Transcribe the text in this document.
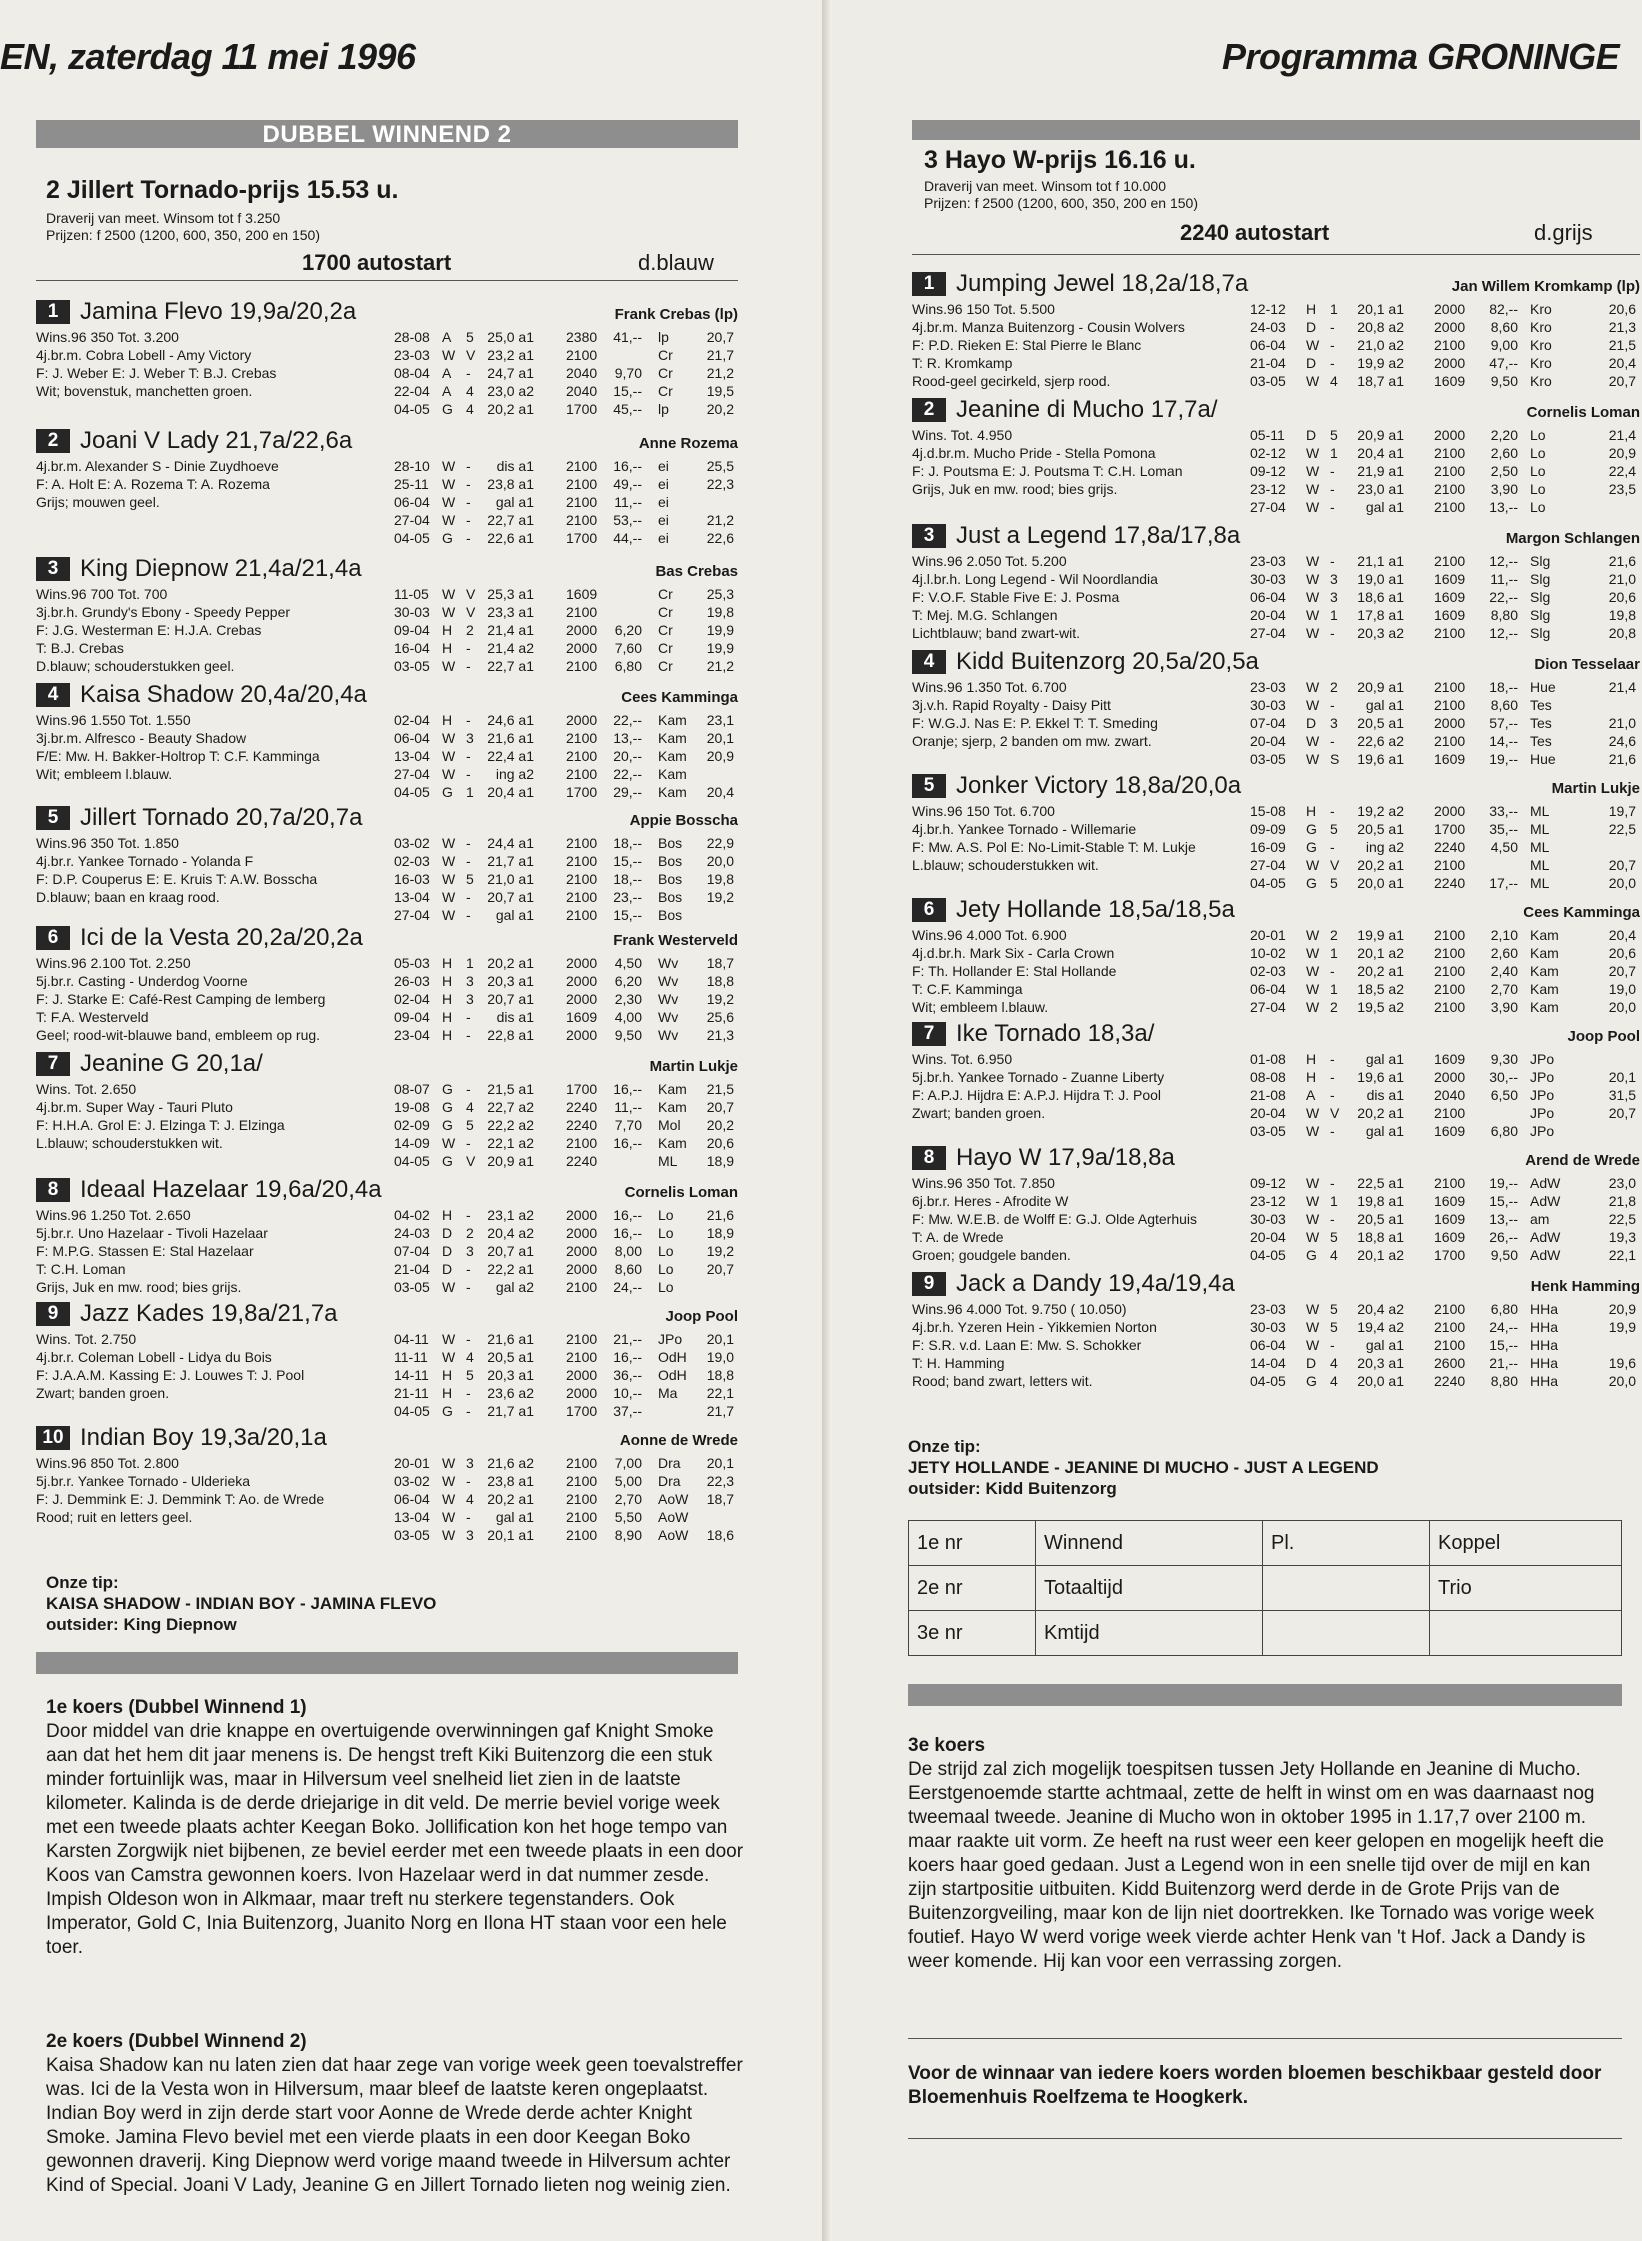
EN, zaterdag 11 mei 1996
DUBBEL WINNEND 2
2 Jillert Tornado-prijs 15.53 u.
Draverij van meet. Winsom tot f 3.250
Prijzen: f 2500 (1200, 600, 350, 200 en 150)
1700 autostart	d.blauw
1 Jamina Flevo 19,9a/20,2a	Frank Crebas (lp)
Wins.96 350 Tot. 3.200
4j.br.m. Cobra Lobell - Amy Victory
F: J. Weber E: J. Weber T: B.J. Crebas
Wit; bovenstuk, manchetten groen.
28-08 A 5 25,0 a1 2380 41,-- lp	20,7
23-03 W V 23,2 a1 2100	Cr 21,7
08-04 A - 24,7 a1 2040 9,70 Cr 21,2
22-04 A 4 23,0 a2 2040 15,-- Cr 19,5
04-05 G 4 20,2 a1 1700 45,-- lp	20,2
2 Joani V Lady 21,7a/22,6a	Anne Rozema
4j.br.m. Alexander S - Dinie Zuydhoeve
F: A. Holt E: A. Rozema T: A. Rozema
Grijs; mouwen geel.
28-10 W - dis a1 2100 16,-- ei	25,5
25-11 W - 23,8 a1 2100 49,-- ei	22,3
06-04 W - gal a1 2100 11,-- ei
27-04 W - 22,7 a1 2100 53,-- ei	21,2
04-05 G - 22,6 a1 1700 44,-- ei	22,6
3 King Diepnow 21,4a/21,4a	Bas Crebas
Wins.96 700 Tot. 700
3j.br.h. Grundy's Ebony - Speedy Pepper
F: J.G. Westerman E: H.J.A. Crebas
T: B.J. Crebas
D.blauw; schouderstukken geel.
11-05 W V 25,3 a1 1609	Cr 25,3
30-03 W V 23,3 a1 2100	Cr 19,8
09-04 H 2 21,4 a1 2000 6,20 Cr 19,9
16-04 H - 21,4 a2 2000 7,60 Cr 19,9
03-05 W - 22,7 a1 2100 6,80 Cr 21,2
4 Kaisa Shadow 20,4a/20,4a	Cees Kamminga
Wins.96 1.550 Tot. 1.550
3j.br.m. Alfresco - Beauty Shadow
F/E: Mw. H. Bakker-Holtrop T: C.F. Kamminga
Wit; embleem l.blauw.
02-04 H - 24,6 a1 2000 22,-- Kam 23,1
06-04 W 3 21,6 a1 2100 13,-- Kam 20,1
13-04 W - 22,4 a1 2100 20,-- Kam 20,9
27-04 W - ing a2 2100 22,-- Kam
04-05 G 1 20,4 a1 1700 29,-- Kam 20,4
5 Jillert Tornado 20,7a/20,7a	Appie Bosscha
Wins.96 350 Tot. 1.850
4j.br.r. Yankee Tornado - Yolanda F
F: D.P. Couperus E: E. Kruis T: A.W. Bosscha
D.blauw; baan en kraag rood.
03-02 W - 24,4 a1 2100 18,-- Bos 22,9
02-03 W - 21,7 a1 2100 15,-- Bos 20,0
16-03 W 5 21,0 a1 2100 18,-- Bos 19,8
13-04 W - 20,7 a1 2100 23,-- Bos 19,2
27-04 W - gal a1 2100 15,-- Bos
6 Ici de la Vesta 20,2a/20,2a	Frank Westerveld
Wins.96 2.100 Tot. 2.250
5j.br.r. Casting - Underdog Voorne
F: J. Starke E: Café-Rest Camping de lemberg
T: F.A. Westerveld
Geel; rood-wit-blauwe band, embleem op rug.
05-03 H 1 20,2 a1 2000 4,50 Wv 18,7
26-03 H 3 20,3 a1 2000 6,20 Wv 18,8
02-04 H 3 20,7 a1 2000 2,30 Wv 19,2
09-04 H - dis a1 1609 4,00 Wv 25,6
23-04 H - 22,8 a1 2000 9,50 Wv 21,3
7 Jeanine G 20,1a/	Martin Lukje
Wins. Tot. 2.650
4j.br.m. Super Way - Tauri Pluto
F: H.H.A. Grol E: J. Elzinga T: J. Elzinga
L.blauw; schouderstukken wit.
08-07 G - 21,5 a1 1700 16,-- Kam 21,5
19-08 G 4 22,7 a2 2240 11,-- Kam 20,7
02-09 G 5 22,2 a2 2240 7,70 Mol 20,2
14-09 W - 22,1 a2 2100 16,-- Kam 20,6
04-05 G V 20,9 a1 2240	ML 18,9
8 Ideaal Hazelaar 19,6a/20,4a	Cornelis Loman
Wins.96 1.250 Tot. 2.650
5j.br.r. Uno Hazelaar - Tivoli Hazelaar
F: M.P.G. Stassen E: Stal Hazelaar
T: C.H. Loman
Grijs, Juk en mw. rood; bies grijs.
04-02 H - 23,1 a2 2000 16,-- Lo 21,6
24-03 D 2 20,4 a2 2000 16,-- Lo 18,9
07-04 D 3 20,7 a1 2000 8,00 Lo 19,2
21-04 D - 22,2 a1 2000 8,60 Lo 20,7
03-05 W - gal a2 2100 24,-- Lo
9 Jazz Kades 19,8a/21,7a	Joop Pool
Wins. Tot. 2.750
4j.br.r. Coleman Lobell - Lidya du Bois
F: J.A.A.M. Kassing E: J. Louwes T: J. Pool
Zwart; banden groen.
04-11 W - 21,6 a1 2100 21,-- JPo 20,1
11-11 W 4 20,5 a1 2100 16,-- OdH 19,0
14-11 H 5 20,3 a1 2000 36,-- OdH 18,8
21-11 H - 23,6 a2 2000 10,-- Ma 22,1
04-05 G - 21,7 a1 1700 37,--	21,7
10 Indian Boy 19,3a/20,1a	Aonne de Wrede
Wins.96 850 Tot. 2.800
5j.br.r. Yankee Tornado - Ulderieka
F: J. Demmink E: J. Demmink T: Ao. de Wrede
Rood; ruit en letters geel.
20-01 W 3 21,6 a2 2100 7,00 Dra 20,1
03-02 W - 23,8 a1 2100 5,00 Dra 22,3
06-04 W 4 20,2 a1 2100 2,70 AoW 18,7
13-04 W - gal a1 2100 5,50 AoW
03-05 W 3 20,1 a1 2100 8,90 AoW 18,6
Onze tip:
KAISA SHADOW - INDIAN BOY - JAMINA FLEVO
outsider: King Diepnow
1e koers (Dubbel Winnend 1)
Door middel van drie knappe en overtuigende overwinningen gaf Knight Smoke aan dat het hem dit jaar menens is. De hengst treft Kiki Buitenzorg die een stuk minder fortuinlijk was, maar in Hilversum veel snelheid liet zien in de laatste kilometer. Kalinda is de derde driejarige in dit veld. De merrie beviel vorige week met een tweede plaats achter Keegan Boko. Jollification kon het hoge tempo van Karsten Zorgwijk niet bijbenen, ze beviel eerder met een tweede plaats in een door Koos van Camstra gewonnen koers. Ivon Hazelaar werd in dat nummer zesde. Impish Oldeson won in Alkmaar, maar treft nu sterkere tegenstanders. Ook Imperator, Gold C, Inia Buitenzorg, Juanito Norg en Ilona HT staan voor een hele toer.
2e koers (Dubbel Winnend 2)
Kaisa Shadow kan nu laten zien dat haar zege van vorige week geen toevalstreffer was. Ici de la Vesta won in Hilversum, maar bleef de laatste keren ongeplaatst. Indian Boy werd in zijn derde start voor Aonne de Wrede derde achter Knight Smoke. Jamina Flevo beviel met een vierde plaats in een door Keegan Boko gewonnen draverij. King Diepnow werd vorige maand tweede in Hilversum achter Kind of Special. Joani V Lady, Jeanine G en Jillert Tornado lieten nog weinig zien.
Programma GRONINGE
3 Hayo W-prijs 16.16 u.
Draverij van meet. Winsom tot f 10.000
Prijzen: f 2500 (1200, 600, 350, 200 en 150)
2240 autostart	d.grijs
1 Jumping Jewel 18,2a/18,7a	Jan Willem Kromkamp (lp)
Wins.96 150 Tot. 5.500
4j.br.m. Manza Buitenzorg - Cousin Wolvers
F: P.D. Rieken E: Stal Pierre le Blanc
T: R. Kromkamp
Rood-geel gecirkeld, sjerp rood.
12-12 H 1 20,1 a1 2000 82,-- Kro	20,6
24-03 D - 20,8 a2 2000 8,60 Kro	21,3
06-04 W - 21,0 a2 2100 9,00 Kro	21,5
21-04 D - 19,9 a2 2000 47,-- Kro	20,4
03-05 W 4 18,7 a1 1609 9,50 Kro	20,7
2 Jeanine di Mucho 17,7a/	Cornelis Loman
Wins. Tot. 4.950
4j.d.br.m. Mucho Pride - Stella Pomona
F: J. Poutsma E: J. Poutsma T: C.H. Loman
Grijs, Juk en mw. rood; bies grijs.
05-11 D 5 20,9 a1 2000 2,20 Lo	21,4
02-12 W 1 20,4 a1 2100 2,60 Lo	20,9
09-12 W - 21,9 a1 2100 2,50 Lo	22,4
23-12 W - 23,0 a1 2100 3,90 Lo	23,5
27-04 W - gal a1 2100 13,-- Lo
3 Just a Legend 17,8a/17,8a	Margon Schlangen
Wins.96 2.050 Tot. 5.200
4j.l.br.h. Long Legend - Wil Noordlandia
F: V.O.F. Stable Five E: J. Posma
T: Mej. M.G. Schlangen
Lichtblauw; band zwart-wit.
23-03 W - 21,1 a1 2100 12,-- Slg	21,6
30-03 W 3 19,0 a1 1609 11,-- Slg	21,0
06-04 W 3 18,6 a1 1609 22,-- Slg	20,6
20-04 W 1 17,8 a1 1609 8,80 Slg	19,8
27-04 W - 20,3 a2 2100 12,-- Slg	20,8
4 Kidd Buitenzorg 20,5a/20,5a	Dion Tesselaar
Wins.96 1.350 Tot. 6.700
3j.v.h. Rapid Royalty - Daisy Pitt
F: W.G.J. Nas E: P. Ekkel T: T. Smeding
Oranje; sjerp, 2 banden om mw. zwart.
23-03 W 2 20,9 a1 2100 18,-- Hue	21,4
30-03 W - gal a1 2100 8,60 Tes
07-04 D 3 20,5 a1 2000 57,-- Tes	21,0
20-04 W - 22,6 a2 2100 14,-- Tes	24,6
03-05 W S 19,6 a1 1609 19,-- Hue	21,6
5 Jonker Victory 18,8a/20,0a	Martin Lukje
Wins.96 150 Tot. 6.700
4j.br.h. Yankee Tornado - Willemarie
F: Mw. A.S. Pol E: No-Limit-Stable T: M. Lukje
L.blauw; schouderstukken wit.
15-08 H - 19,2 a2 2000 33,-- ML	19,7
09-09 G 5 20,5 a1 1700 35,-- ML	22,5
16-09 G - ing a2 2240 4,50 ML
27-04 W V 20,2 a1 2100	ML	20,7
04-05 G 5 20,0 a1 2240 17,-- ML	20,0
6 Jety Hollande 18,5a/18,5a	Cees Kamminga
Wins.96 4.000 Tot. 6.900
4j.d.br.h. Mark Six - Carla Crown
F: Th. Hollander E: Stal Hollande
T: C.F. Kamminga
Wit; embleem l.blauw.
20-01 W 2 19,9 a1 2100 2,10 Kam	20,4
10-02 W 1 20,1 a2 2100 2,60 Kam	20,6
02-03 W - 20,2 a1 2100 2,40 Kam	20,7
06-04 W 1 18,5 a2 2100 2,70 Kam	19,0
27-04 W 2 19,5 a2 2100 3,90 Kam	20,0
7 Ike Tornado 18,3a/	Joop Pool
Wins. Tot. 6.950
5j.br.h. Yankee Tornado - Zuanne Liberty
F: A.P.J. Hijdra E: A.P.J. Hijdra T: J. Pool
Zwart; banden groen.
01-08 H - gal a1 1609 9,30 JPo
08-08 H - 19,6 a1 2000 30,-- JPo	20,1
21-08 A - dis a1 2040 6,50 JPo	31,5
20-04 W V 20,2 a1 2100	JPo	20,7
03-05 W - gal a1 1609 6,80 JPo
8 Hayo W 17,9a/18,8a	Arend de Wrede
Wins.96 350 Tot. 7.850
6j.br.r. Heres - Afrodite W
F: Mw. W.E.B. de Wolff E: G.J. Olde Agterhuis
T: A. de Wrede
Groen; goudgele banden.
09-12 W - 22,5 a1 2100 19,-- AdW	23,0
23-12 W 1 19,8 a1 1609 15,-- AdW	21,8
30-03 W - 20,5 a1 1609 13,-- am	22,5
20-04 W 5 18,8 a1 1609 26,-- AdW	19,3
04-05 G 4 20,1 a2 1700 9,50 AdW	22,1
9 Jack a Dandy 19,4a/19,4a	Henk Hamming
Wins.96 4.000 Tot. 9.750 ( 10.050)
4j.br.h. Yzeren Hein - Yikkemien Norton
F: S.R. v.d. Laan E: Mw. S. Schokker
T: H. Hamming
Rood; band zwart, letters wit.
23-03 W 5 20,4 a2 2100 6,80 HHa	20,9
30-03 W 5 19,4 a2 2100 24,-- HHa	19,9
06-04 W - gal a1 2100 15,-- HHa
14-04 D 4 20,3 a1 2600 21,-- HHa	19,6
04-05 G 4 20,0 a1 2240 8,80 HHa	20,0
Onze tip:
JETY HOLLANDE - JEANINE DI MUCHO - JUST A LEGEND
outsider: Kidd Buitenzorg
1e nr	Winnend	Pl.	Koppel
2e nr	Totaaltijd		Trio
3e nr	Kmtijd		
3e koers
De strijd zal zich mogelijk toespitsen tussen Jety Hollande en Jeanine di Mucho. Eerstgenoemde startte achtmaal, zette de helft in winst om en was daarnaast nog tweemaal tweede. Jeanine di Mucho won in oktober 1995 in 1.17,7 over 2100 m. maar raakte uit vorm. Ze heeft na rust weer een keer gelopen en mogelijk heeft die koers haar goed gedaan. Just a Legend won in een snelle tijd over de mijl en kan zijn startpositie uitbuiten. Kidd Buitenzorg werd derde in de Grote Prijs van de Buitenzorgveiling, maar kon de lijn niet doortrekken. Ike Tornado was vorige week foutief. Hayo W werd vorige week vierde achter Henk van 't Hof. Jack a Dandy is weer komende. Hij kan voor een verrassing zorgen.
Voor de winnaar van iedere koers worden bloemen beschikbaar gesteld door Bloemenhuis Roelfzema te Hoogkerk.
